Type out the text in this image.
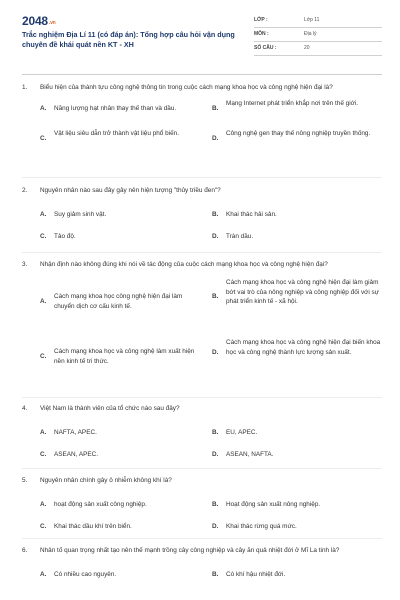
2048.vn
Trắc nghiệm Địa Lí 11 (có đáp án): Tổng hợp câu hỏi vận dụng chuyên đề khái quát nền KT - XH
LỚP :	Lớp 11
MÔN :	Địa lý
SỐ CÂU :	20
1. Biểu hiện của thành tựu công nghệ thông tin trong cuộc cách mạng khoa học và công nghệ hiện đại là?
A.	Năng lượng hạt nhân thay thế than và dầu.	B.
Mạng Internet phát triển khắp nơi trên thế giới.
C.
Vật liệu siêu dẫn trở thành vật liệu phổ biến.
D.
Công nghệ gen thay thế nông nghiệp truyền thống.
2. Nguyên nhân nào sau đây gây nên hiện tượng "thủy triều đen"?
A.	Suy giảm sinh vật.	B.	Khai thác hải sản.
C.	Tảo độ.	D.	Tràn dầu.
3. Nhận định nào không đúng khi nói về tác động của cuộc cách mạng khoa học và công nghệ hiện đại?
A.
Cách mạng khoa học công nghệ hiện đại làm chuyển dịch cơ cấu kinh tế.
B.
Cách mạng khoa học và công nghệ hiện đại làm giảm bớt vai trò của nông nghiệp và công nghiệp đối với sự phát triển kinh tế - xã hội.
C.
Cách mạng khoa học và công nghệ làm xuất hiện nền kinh tế tri thức.
D.
Cách mạng khoa học và công nghệ hiện đại biến khoa học và công nghệ thành lực lượng sản xuất.
4. Việt Nam là thành viên của tổ chức nào sau đây?
A.	NAFTA, APEC.	B.	EU, APEC.
C.	ASEAN, APEC.	D.	ASEAN, NAFTA.
5. Nguyên nhân chính gây ô nhiễm không khí là?
A.	hoạt động sản xuất công nghiệp.	B.	Hoạt động sản xuất nông nghiệp.
C.	Khai thác dầu khí trên biển.	D.	Khai thác rừng quá mức.
6. Nhân tố quan trọng nhất tạo nên thế mạnh trồng cây công nghiệp và cây ăn quả nhiệt đới ở Mĩ La tinh là?
A.	Có nhiều cao nguyên.	B.	Có khí hậu nhiệt đới.
